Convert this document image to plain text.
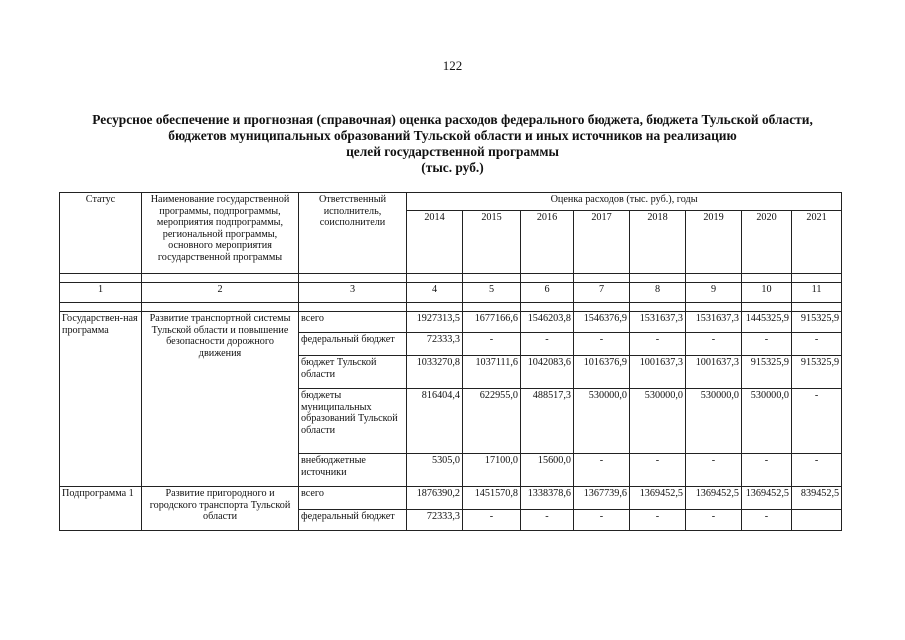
122
Ресурсное обеспечение и прогнозная (справочная) оценка расходов федерального бюджета, бюджета Тульской области,
бюджетов муниципальных образований Тульской области и иных источников на реализацию
целей государственной программы
(тыс. руб.)
Статус	Наименование государственной программы, подпрограммы, мероприятия подпрограммы, региональной программы, основного мероприятия государственной программы	Ответственный исполнитель, соисполнители	Оценка расходов (тыс. руб.), годы							
			2014	2015	2016	2017	2018	2019	2020	2021

1	2	3	4	5	6	7	8	9	10	11

Государствен-ная программа	Развитие транспортной системы Тульской области и повышение безопасности дорожного движения	всего	1927313,5	1677166,6	1546203,8	1546376,9	1531637,3	1531637,3	1445325,9	915325,9
		федеральный бюджет	72333,3	-	-	-	-	-	-	-
		бюджет Тульской области	1033270,8	1037111,6	1042083,6	1016376,9	1001637,3	1001637,3	915325,9	915325,9
		бюджеты муниципальных образований Тульской области	816404,4	622955,0	488517,3	530000,0	530000,0	530000,0	530000,0	-
		внебюджетные источники	5305,0	17100,0	15600,0	-	-	-	-	-
Подпрограмма 1	Развитие пригородного и городского транспорта Тульской области	всего	1876390,2	1451570,8	1338378,6	1367739,6	1369452,5	1369452,5	1369452,5	839452,5
		федеральный бюджет	72333,3	-	-	-	-	-	-	
